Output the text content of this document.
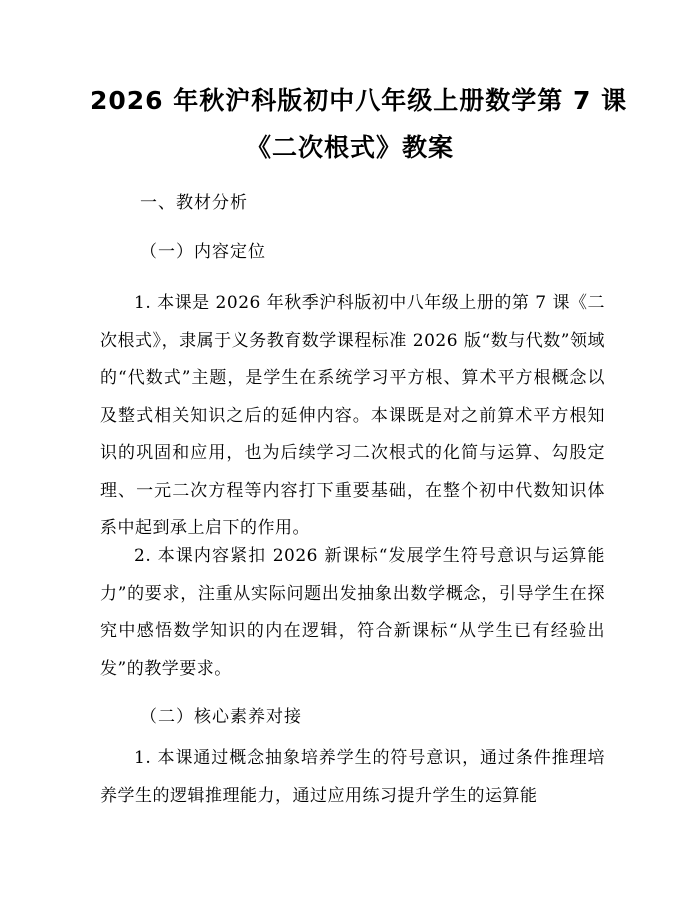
2026 年秋沪科版初中八年级上册数学第 7 课
《二次根式》教案
一、教材分析
（一）内容定位

1. 本课是 2026 年秋季沪科版初中八年级上册的第 7 课《二次根式》，隶属于义务教育数学课程标准 2026 版“数与代数”领域的“代数式”主题，是学生在系统学习平方根、算术平方根概念以及整式相关知识之后的延伸内容。本课既是对之前算术平方根知识的巩固和应用，也为后续学习二次根式的化简与运算、勾股定理、一元二次方程等内容打下重要基础，在整个初中代数知识体系中起到承上启下的作用。

2. 本课内容紧扣 2026 新课标“发展学生符号意识与运算能力”的要求，注重从实际问题出发抽象出数学概念，引导学生在探究中感悟数学知识的内在逻辑，符合新课标“从学生已有经验出发”的教学要求。

（二）核心素养对接

1. 本课通过概念抽象培养学生的符号意识，通过条件推理培养学生的逻辑推理能力，通过应用练习提升学生的运算能
